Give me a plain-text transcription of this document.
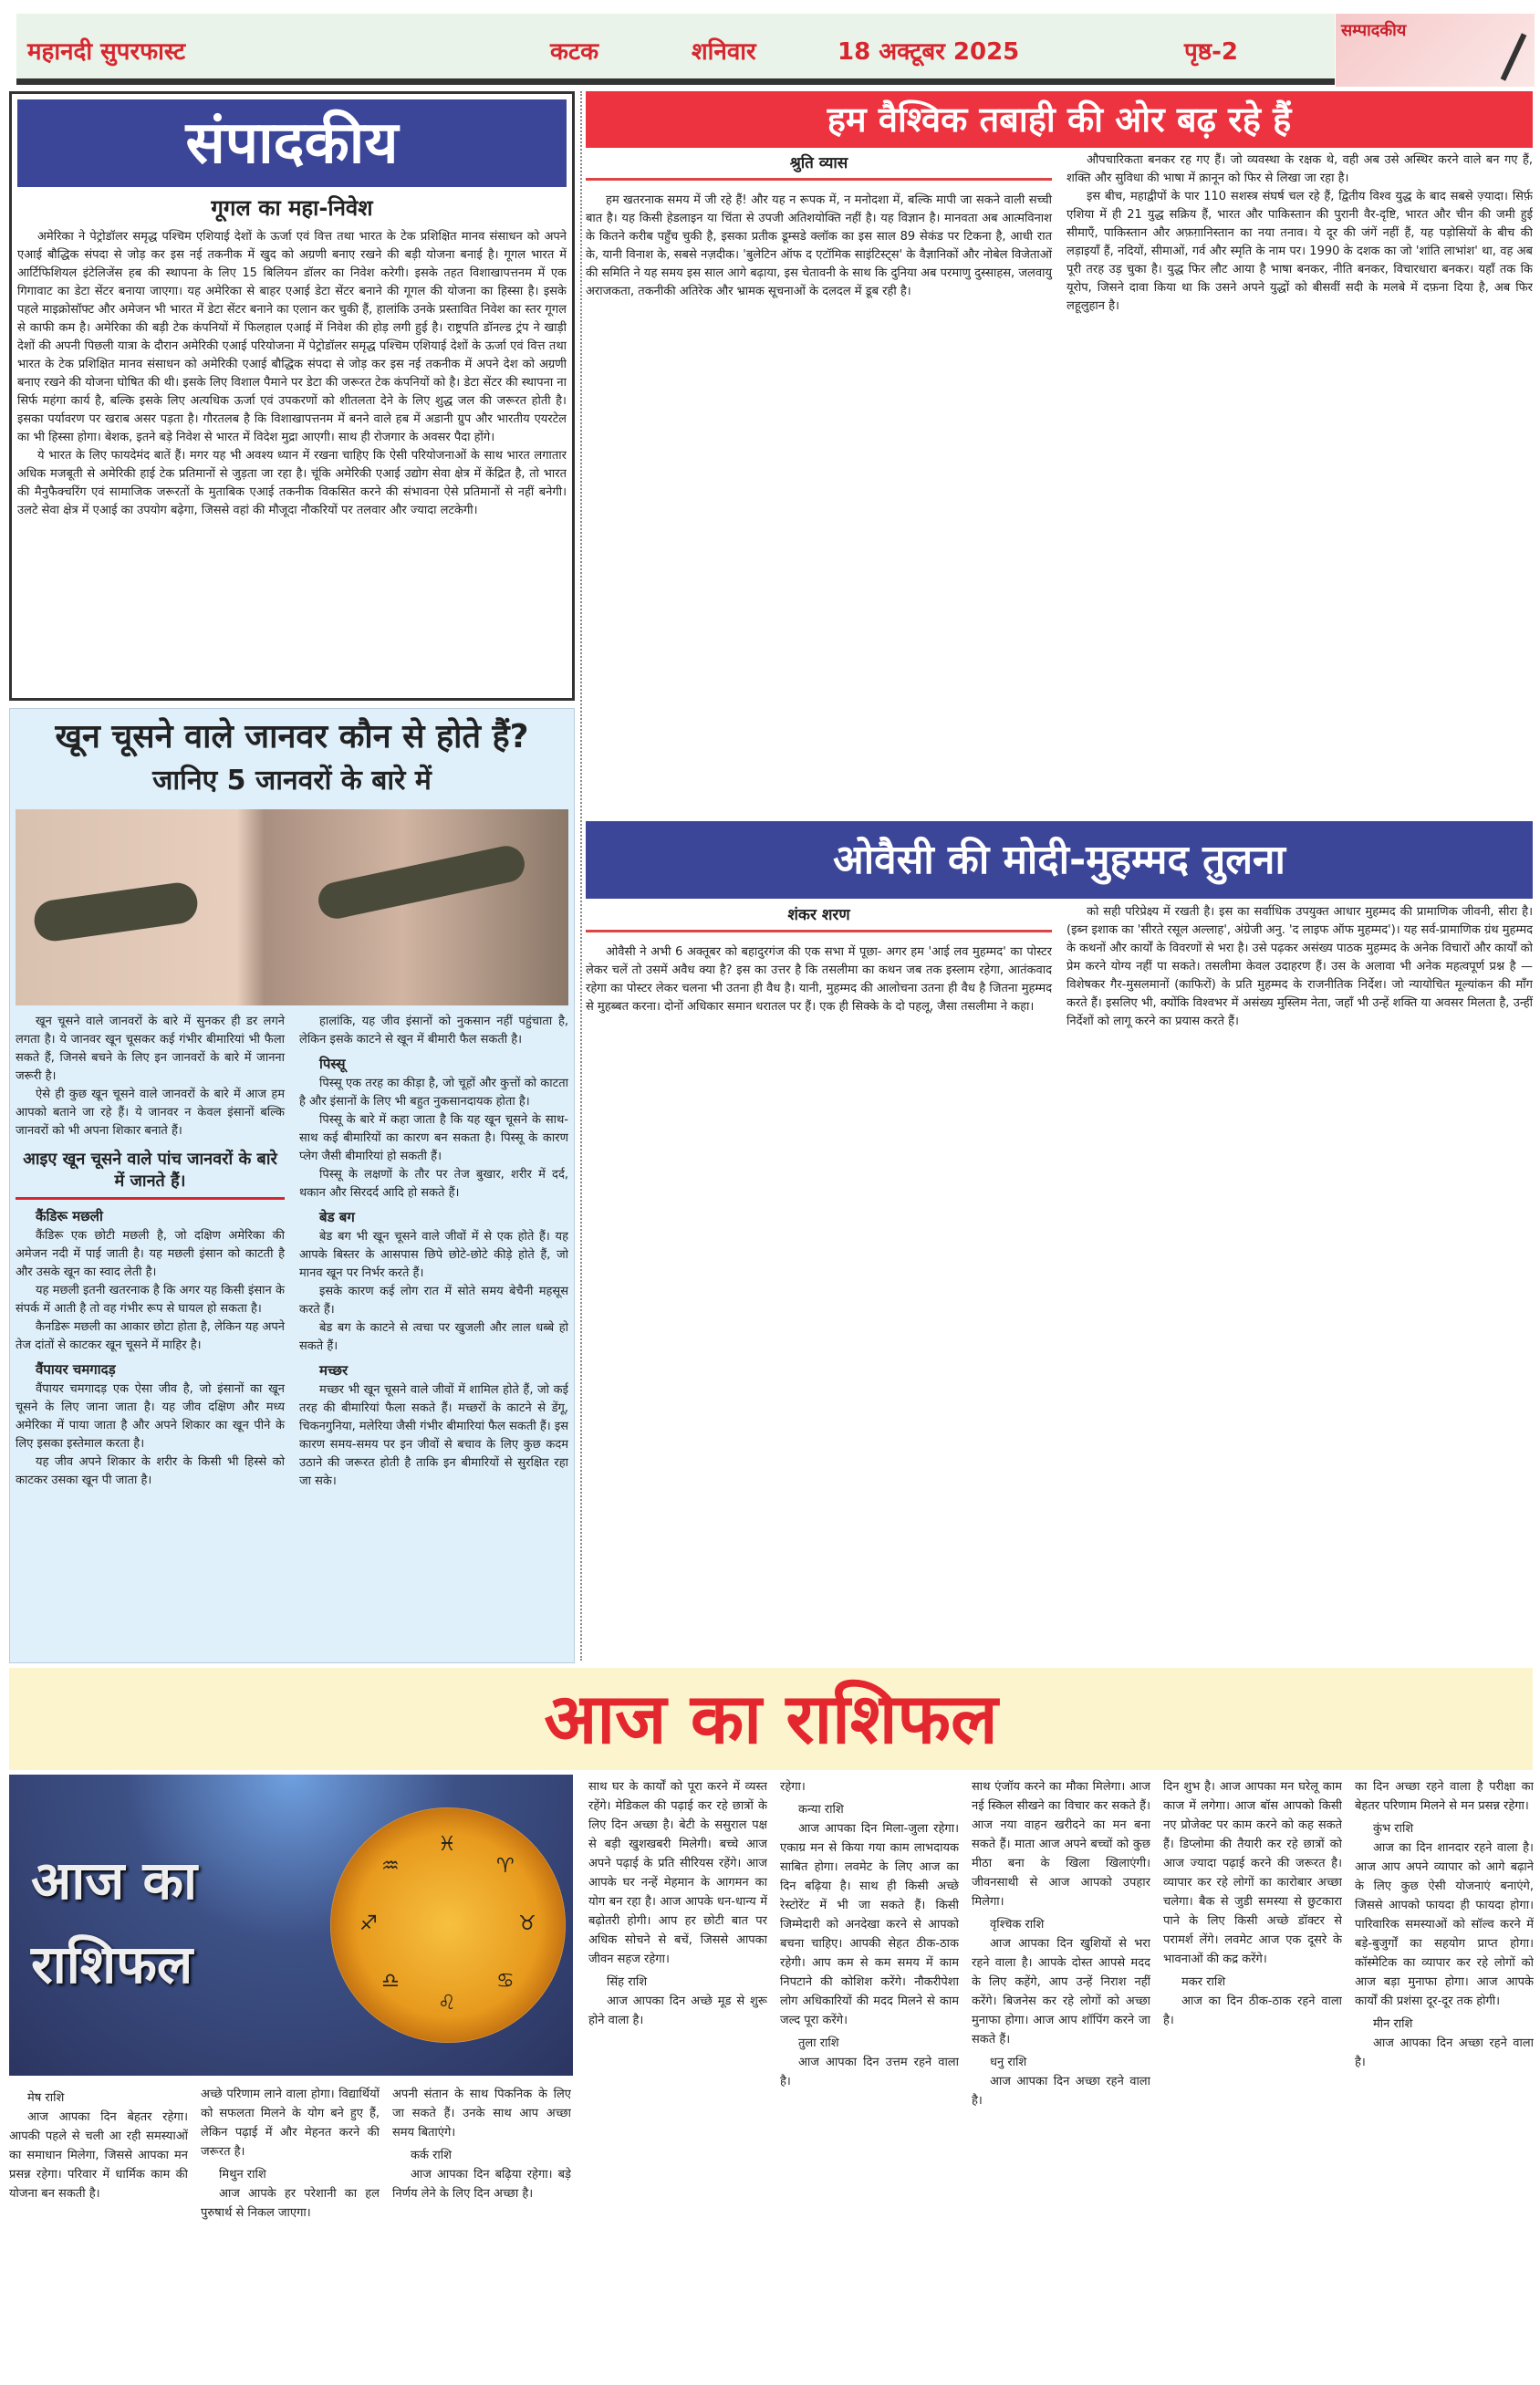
महानदी सुपरफास्ट	कटक	शनिवार	18 अक्टूबर 2025	पृष्ठ-2
सम्पादकीय
संपादकीय
गूगल का महा-निवेश

अमेरिका ने पेट्रोडॉलर समृद्ध पश्चिम एशियाई देशों के ऊर्जा एवं वित्त तथा भारत के टेक प्रशिक्षित मानव संसाधन को अपने एआई बौद्धिक संपदा से जोड़ कर इस नई तकनीक में खुद को अग्रणी बनाए रखने की बड़ी योजना बनाई है। गूगल भारत में आर्टिफिशियल इंटेलिजेंस हब की स्थापना के लिए 15 बिलियन डॉलर का निवेश करेगी। इसके तहत विशाखापत्तनम में एक गिगावाट का डेटा सेंटर बनाया जाएगा। यह अमेरिका से बाहर एआई डेटा सेंटर बनाने की गूगल की योजना का हिस्सा है। इसके पहले माइक्रोसॉफ्ट और अमेजन भी भारत में डेटा सेंटर बनाने का एलान कर चुकी हैं, हालांकि उनके प्रस्तावित निवेश का स्तर गूगल से काफी कम है। अमेरिका की बड़ी टेक कंपनियों में फिलहाल एआई में निवेश की होड़ लगी हुई है। राष्ट्रपति डॉनल्ड ट्रंप ने खाड़ी देशों की अपनी पिछली यात्रा के दौरान अमेरिकी एआई परियोजना में पेट्रोडॉलर समृद्ध पश्चिम एशियाई देशों के ऊर्जा एवं वित्त तथा भारत के टेक प्रशिक्षित मानव संसाधन को अमेरिकी एआई बौद्धिक संपदा से जोड़ कर इस नई तकनीक में अपने देश को अग्रणी बनाए रखने की योजना घोषित की थी। इसके लिए विशाल पैमाने पर डेटा की जरूरत टेक कंपनियों को है। डेटा सेंटर की स्थापना ना सिर्फ महंगा कार्य है, बल्कि इसके लिए अत्यधिक ऊर्जा एवं उपकरणों को शीतलता देने के लिए शुद्ध जल की जरूरत होती है। इसका पर्यावरण पर खराब असर पड़ता है। गौरतलब है कि विशाखापत्तनम में बनने वाले हब में अडानी ग्रुप और भारतीय एयरटेल का भी हिस्सा होगा। बेशक, इतने बड़े निवेश से भारत में विदेश मुद्रा आएगी। साथ ही रोजगार के अवसर पैदा होंगे।

ये भारत के लिए फायदेमंद बातें हैं। मगर यह भी अवश्य ध्यान में रखना चाहिए कि ऐसी परियोजनाओं के साथ भारत लगातार अधिक मजबूती से अमेरिकी हाई टेक प्रतिमानों से जुड़ता जा रहा है। चूंकि अमेरिकी एआई उद्योग सेवा क्षेत्र में केंद्रित है, तो भारत की मैनुफैक्चरिंग एवं सामाजिक जरूरतों के मुताबिक एआई तकनीक विकसित करने की संभावना ऐसे प्रतिमानों से नहीं बनेगी। उलटे सेवा क्षेत्र में एआई का उपयोग बढ़ेगा, जिससे वहां की मौजूदा नौकरियों पर तलवार और ज्यादा लटकेगी।

खून चूसने वाले जानवर कौन से होते हैं?
जानिए 5 जानवरों के बारे में

खून चूसने वाले जानवरों के बारे में सुनकर ही डर लगने लगता है। ये जानवर खून चूसकर कई गंभीर बीमारियां भी फैला सकते हैं, जिनसे बचने के लिए इन जानवरों के बारे में जानना जरूरी है।

ऐसे ही कुछ खून चूसने वाले जानवरों के बारे में आज हम आपको बताने जा रहे हैं। ये जानवर न केवल इंसानों बल्कि जानवरों को भी अपना शिकार बनाते हैं।

आइए खून चूसने वाले पांच जानवरों के बारे में जानते हैं।
कैंडिरू मछली

कैंडिरू एक छोटी मछली है, जो दक्षिण अमेरिका की अमेजन नदी में पाई जाती है। यह मछली इंसान को काटती है और उसके खून का स्वाद लेती है।

यह मछली इतनी खतरनाक है कि अगर यह किसी इंसान के संपर्क में आती है तो वह गंभीर रूप से घायल हो सकता है।

कैनडिरू मछली का आकार छोटा होता है, लेकिन यह अपने तेज दांतों से काटकर खून चूसने में माहिर है।

वैंपायर चमगादड़

वैंपायर चमगादड़ एक ऐसा जीव है, जो इंसानों का खून चूसने के लिए जाना जाता है। यह जीव दक्षिण और मध्य अमेरिका में पाया जाता है और अपने शिकार का खून पीने के लिए इसका इस्तेमाल करता है।

यह जीव अपने शिकार के शरीर के किसी भी हिस्से को काटकर उसका खून पी जाता है।

हालांकि, यह जीव इंसानों को नुकसान नहीं पहुंचाता है, लेकिन इसके काटने से खून में बीमारी फैल सकती है।

पिस्सू

पिस्सू एक तरह का कीड़ा है, जो चूहों और कुत्तों को काटता है और इंसानों के लिए भी बहुत नुकसानदायक होता है।

पिस्सू के बारे में कहा जाता है कि यह खून चूसने के साथ-साथ कई बीमारियों का कारण बन सकता है। पिस्सू के कारण प्लेग जैसी बीमारियां हो सकती हैं।

पिस्सू के लक्षणों के तौर पर तेज बुखार, शरीर में दर्द, थकान और सिरदर्द आदि हो सकते हैं।

बेड बग

बेड बग भी खून चूसने वाले जीवों में से एक होते हैं। यह आपके बिस्तर के आसपास छिपे छोटे-छोटे कीड़े होते हैं, जो मानव खून पर निर्भर करते हैं।

इसके कारण कई लोग रात में सोते समय बेचैनी महसूस करते हैं।

बेड बग के काटने से त्वचा पर खुजली और लाल धब्बे हो सकते हैं।

मच्छर

मच्छर भी खून चूसने वाले जीवों में शामिल होते हैं, जो कई तरह की बीमारियां फैला सकते हैं। मच्छरों के काटने से डेंगू, चिकनगुनिया, मलेरिया जैसी गंभीर बीमारियां फैल सकती हैं। इस कारण समय-समय पर इन जीवों से बचाव के लिए कुछ कदम उठाने की जरूरत होती है ताकि इन बीमारियों से सुरक्षित रहा जा सके।

हम वैश्विक तबाही की ओर बढ़ रहे हैं
श्रुति व्यास

हम खतरनाक समय में जी रहे हैं! और यह न रूपक में, न मनोदशा में, बल्कि मापी जा सकने वाली सच्ची बात है। यह किसी हेडलाइन या चिंता से उपजी अतिशयोक्ति नहीं है। यह विज्ञान है। मानवता अब आत्मविनाश के कितने करीब पहुँच चुकी है, इसका प्रतीक डूम्सडे क्लॉक का इस साल 89 सेकंड पर टिकना है, आधी रात के, यानी विनाश के, सबसे नज़दीक। 'बुलेटिन ऑफ द एटॉमिक साइंटिस्ट्स' के वैज्ञानिकों और नोबेल विजेताओं की समिति ने यह समय इस साल आगे बढ़ाया, इस चेतावनी के साथ कि दुनिया अब परमाणु दुस्साहस, जलवायु अराजकता, तकनीकी अतिरेक और भ्रामक सूचनाओं के दलदल में डूब रही है।

औपचारिकता बनकर रह गए हैं। जो व्यवस्था के रक्षक थे, वही अब उसे अस्थिर करने वाले बन गए हैं, शक्ति और सुविधा की भाषा में क़ानून को फिर से लिखा जा रहा है।

इस बीच, महाद्वीपों के पार 110 सशस्त्र संघर्ष चल रहे हैं, द्वितीय विश्व युद्ध के बाद सबसे ज़्यादा। सिर्फ़ एशिया में ही 21 युद्ध सक्रिय हैं, भारत और पाकिस्तान की पुरानी वैर-दृष्टि, भारत और चीन की जमी हुई सीमाएँ, पाकिस्तान और अफ़ग़ानिस्तान का नया तनाव। ये दूर की जंगें नहीं हैं, यह पड़ोसियों के बीच की लड़ाइयाँ हैं, नदियों, सीमाओं, गर्व और स्मृति के नाम पर। 1990 के दशक का जो 'शांति लाभांश' था, वह अब पूरी तरह उड़ चुका है। युद्ध फिर लौट आया है भाषा बनकर, नीति बनकर, विचारधारा बनकर। यहाँ तक कि यूरोप, जिसने दावा किया था कि उसने अपने युद्धों को बीसवीं सदी के मलबे में दफ़ना दिया है, अब फिर लहूलुहान है।

ओवैसी की मोदी-मुहम्मद तुलना
शंकर शरण

ओवैसी ने अभी 6 अक्तूबर को बहादुरगंज की एक सभा में पूछा- अगर हम 'आई लव मुहम्मद' का पोस्टर लेकर चलें तो उसमें अवैध क्या है? इस का उत्तर है कि तसलीमा का कथन जब तक इस्लाम रहेगा, आतंकवाद रहेगा का पोस्टर लेकर चलना भी उतना ही वैध है। यानी, मुहम्मद की आलोचना उतना ही वैध है जितना मुहम्मद से मुहब्बत करना। दोनों अधिकार समान धरातल पर हैं। एक ही सिक्के के दो पहलू, जैसा तसलीमा ने कहा।

को सही परिप्रेक्ष्य में रखती है। इस का सर्वाधिक उपयुक्त आधार मुहम्मद की प्रामाणिक जीवनी, सीरा है। (इब्न इशाक का 'सीरते रसूल अल्लाह', अंग्रेजी अनु. 'द लाइफ ऑफ मुहम्मद')। यह सर्व-प्रामाणिक ग्रंथ मुहम्मद के कथनों और कार्यों के विवरणों से भरा है। उसे पढ़कर असंख्य पाठक मुहम्मद के अनेक विचारों और कार्यों को प्रेम करने योग्य नहीं पा सकते। तसलीमा केवल उदाहरण हैं। उस के अलावा भी अनेक महत्वपूर्ण प्रश्न है — विशेषकर गैर-मुसलमानों (काफिरों) के प्रति मुहम्मद के राजनीतिक निर्देश। जो न्यायोचित मूल्यांकन की माँग करते हैं। इसलिए भी, क्योंकि विश्वभर में असंख्य मुस्लिम नेता, जहाँ भी उन्हें शक्ति या अवसर मिलता है, उन्हीं निर्देशों को लागू करने का प्रयास करते हैं।

आज का राशिफल
♓
♈
♉
♋
♌
♎
♐
♒
आज का राशिफल
मेष राशि

आज आपका दिन बेहतर रहेगा। आपकी पहले से चली आ रही समस्याओं का समाधान मिलेगा, जिससे आपका मन प्रसन्न रहेगा। परिवार में धार्मिक काम की योजना बन सकती है।

अच्छे परिणाम लाने वाला होगा। विद्यार्थियों को सफलता मिलने के योग बने हुए हैं, लेकिन पढ़ाई में और मेहनत करने की जरूरत है।

मिथुन राशि

आज आपके हर परेशानी का हल पुरुषार्थ से निकल जाएगा।

अपनी संतान के साथ पिकनिक के लिए जा सकते हैं। उनके साथ आप अच्छा समय बिताएंगे।

कर्क राशि

आज आपका दिन बढ़िया रहेगा। बड़े निर्णय लेने के लिए दिन अच्छा है।

साथ घर के कार्यों को पूरा करने में व्यस्त रहेंगे। मेडिकल की पढ़ाई कर रहे छात्रों के लिए दिन अच्छा है। बेटी के ससुराल पक्ष से बड़ी खुशखबरी मिलेगी। बच्चे आज अपने पढ़ाई के प्रति सीरियस रहेंगे। आज आपके घर नन्हें मेहमान के आगमन का योग बन रहा है। आज आपके धन-धान्य में बढ़ोतरी होगी। आप हर छोटी बात पर अधिक सोचने से बचें, जिससे आपका जीवन सहज रहेगा।

सिंह राशि

आज आपका दिन अच्छे मूड से शुरू होने वाला है।

रहेगा।

कन्या राशि

आज आपका दिन मिला-जुला रहेगा। एकाग्र मन से किया गया काम लाभदायक साबित होगा। लवमेट के लिए आज का दिन बढ़िया है। साथ ही किसी अच्छे रेस्टोरेंट में भी जा सकते हैं। किसी जिम्मेदारी को अनदेखा करने से आपको बचना चाहिए। आपकी सेहत ठीक-ठाक रहेगी। आप कम से कम समय में काम निपटाने की कोशिश करेंगे। नौकरीपेशा लोग अधिकारियों की मदद मिलने से काम जल्द पूरा करेंगे।

तुला राशि

आज आपका दिन उत्तम रहने वाला है।

साथ एंजॉय करने का मौका मिलेगा। आज नई स्किल सीखने का विचार कर सकते हैं। आज नया वाहन खरीदने का मन बना सकते हैं। माता आज अपने बच्चों को कुछ मीठा बना के खिला खिलाएंगी। जीवनसाथी से आज आपको उपहार मिलेगा।

वृश्चिक राशि

आज आपका दिन खुशियों से भरा रहने वाला है। आपके दोस्त आपसे मदद के लिए कहेंगे, आप उन्हें निराश नहीं करेंगे। बिजनेस कर रहे लोगों को अच्छा मुनाफा होगा। आज आप शॉपिंग करने जा सकते हैं।

धनु राशि

आज आपका दिन अच्छा रहने वाला है।

दिन शुभ है। आज आपका मन घरेलू काम काज में लगेगा। आज बॉस आपको किसी नए प्रोजेक्ट पर काम करने को कह सकते हैं। डिप्लोमा की तैयारी कर रहे छात्रों को आज ज्यादा पढ़ाई करने की जरूरत है। व्यापार कर रहे लोगों का कारोबार अच्छा चलेगा। बैक से जुडी समस्या से छुटकारा पाने के लिए किसी अच्छे डॉक्टर से परामर्श लेंगे। लवमेट आज एक दूसरे के भावनाओं की कद्र करेंगे।

मकर राशि

आज का दिन ठीक-ठाक रहने वाला है।

का दिन अच्छा रहने वाला है परीक्षा का बेहतर परिणाम मिलने से मन प्रसन्न रहेगा।

कुंभ राशि

आज का दिन शानदार रहने वाला है। आज आप अपने व्यापार को आगे बढ़ाने के लिए कुछ ऐसी योजनाएं बनाएंगे, जिससे आपको फायदा ही फायदा होगा। पारिवारिक समस्याओं को सॉल्व करने में बड़े-बुजुर्गों का सहयोग प्राप्त होगा। कॉस्मेटिक का व्यापार कर रहे लोगों को आज बड़ा मुनाफा होगा। आज आपके कार्यों की प्रशंसा दूर-दूर तक होगी।

मीन राशि

आज आपका दिन अच्छा रहने वाला है।
